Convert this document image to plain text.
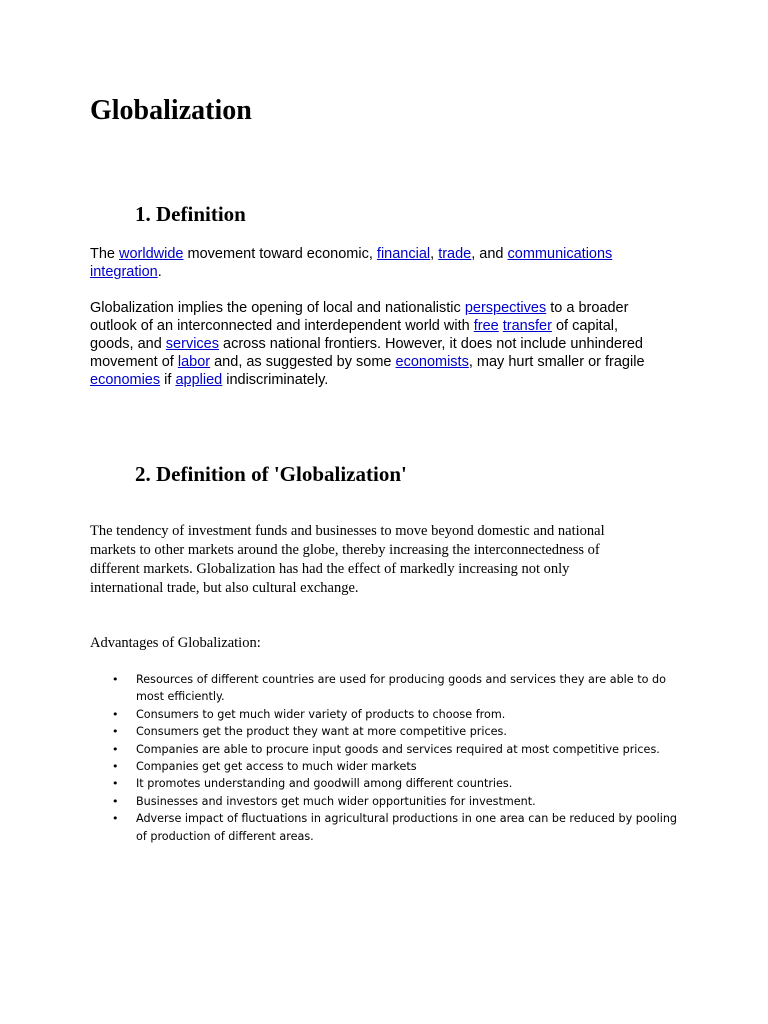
Globalization
1. Definition

The worldwide movement toward economic, financial, trade, and communications
integration.

Globalization implies the opening of local and nationalistic perspectives to a broader
outlook of an interconnected and interdependent world with free transfer of capital,
goods, and services across national frontiers. However, it does not include unhindered
movement of labor and, as suggested by some economists, may hurt smaller or fragile
economies if applied indiscriminately.

2. Definition of 'Globalization'

The tendency of investment funds and businesses to move beyond domestic and national
markets to other markets around the globe, thereby increasing the interconnectedness of
different markets. Globalization has had the effect of markedly increasing not only
international trade, but also cultural exchange.

Advantages of Globalization:

•	Resources of different countries are used for producing goods and services they are able to do
most efficiently.
•	Consumers to get much wider variety of products to choose from.
•	Consumers get the product they want at more competitive prices.
•	Companies are able to procure input goods and services required at most competitive prices.
•	Companies get get access to much wider markets
•	It promotes understanding and goodwill among different countries.
•	Businesses and investors get much wider opportunities for investment.
•	Adverse impact of fluctuations in agricultural productions in one area can be reduced by pooling
of production of different areas.
